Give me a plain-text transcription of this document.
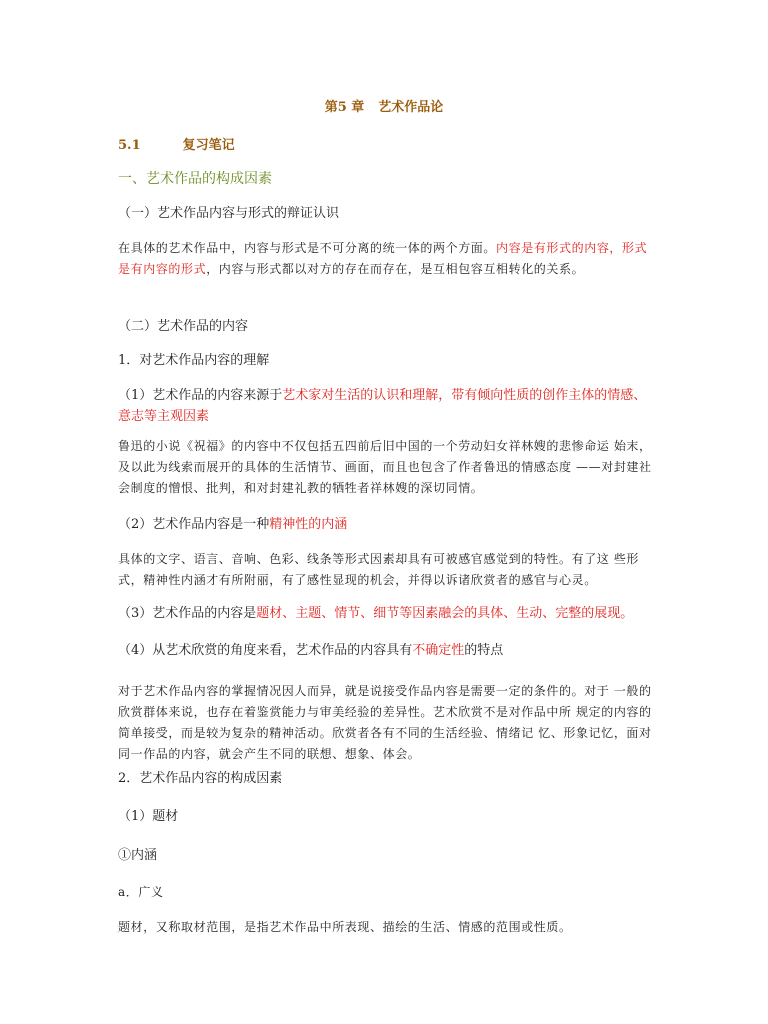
第5 章 艺术作品论
5.1	复习笔记
一、艺术作品的构成因素
（一）艺术作品内容与形式的辩证认识
在具体的艺术作品中，内容与形式是不可分离的统一体的两个方面。内容是有形式的内容，形式是有内容的形式，内容与形式都以对方的存在而存在，是互相包容互相转化的关系。
（二）艺术作品的内容
1．对艺术作品内容的理解
（1）艺术作品的内容来源于艺术家对生活的认识和理解，带有倾向性质的创作主体的情感、意志等主观因素
鲁迅的小说《祝福》的内容中不仅包括五四前后旧中国的一个劳动妇女祥林嫂的悲惨命运 始末，及以此为线索而展开的具体的生活情节、画面，而且也包含了作者鲁迅的情感态度 ——对封建社会制度的憎恨、批判，和对封建礼教的牺牲者祥林嫂的深切同情。
（2）艺术作品内容是一种精神性的内涵
具体的文字、语言、音响、色彩、线条等形式因素却具有可被感官感觉到的特性。有了这 些形式，精神性内涵才有所附丽，有了感性显现的机会，并得以诉诸欣赏者的感官与心灵。
（3）艺术作品的内容是题材、主题、情节、细节等因素融会的具体、生动、完整的展现。
（4）从艺术欣赏的角度来看，艺术作品的内容具有不确定性的特点
对于艺术作品内容的掌握情况因人而异，就是说接受作品内容是需要一定的条件的。对于 一般的欣赏群体来说，也存在着鉴赏能力与审美经验的差异性。艺术欣赏不是对作品中所 规定的内容的简单接受，而是较为复杂的精神活动。欣赏者各有不同的生活经验、情绪记 忆、形象记忆，面对同一作品的内容，就会产生不同的联想、想象、体会。
2．艺术作品内容的构成因素
（1）题材
①内涵
a．广义
题材，又称取材范围，是指艺术作品中所表现、描绘的生活、情感的范围或性质。
